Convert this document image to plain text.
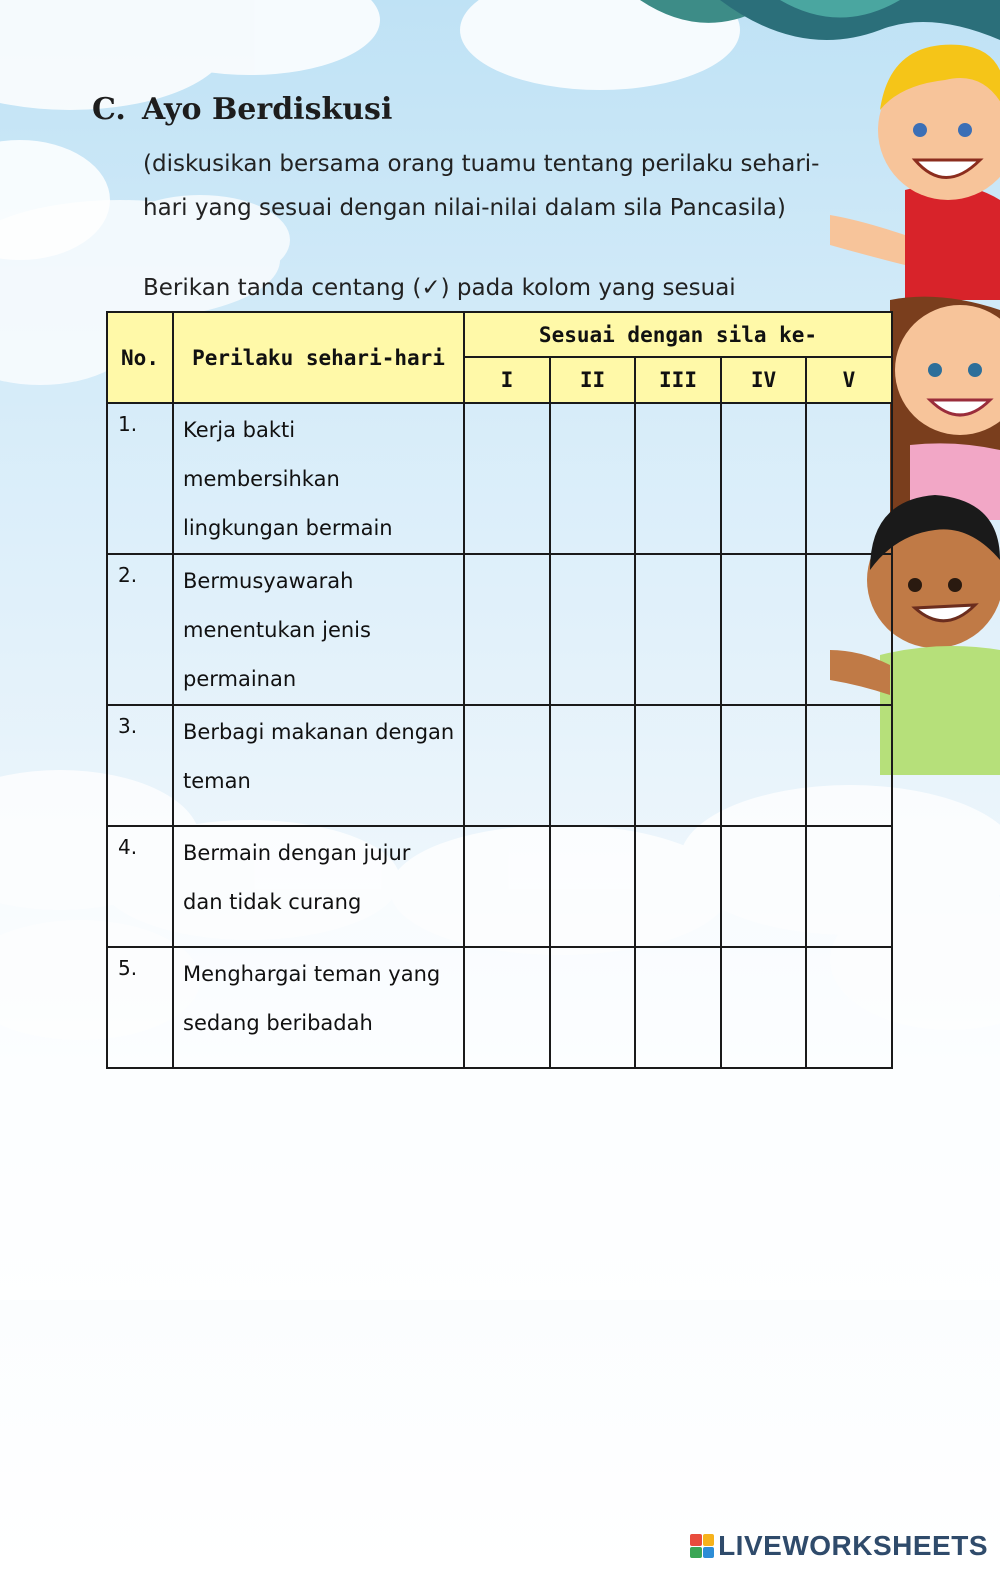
C. Ayo Berdiskusi
(diskusikan bersama orang tuamu tentang perilaku sehari-
hari yang sesuai dengan nilai-nilai dalam sila Pancasila)
Berikan tanda centang (✓) pada kolom yang sesuai
No.	Perilaku sehari-hari	Sesuai dengan sila ke-				
		I	II	III	IV	V
1.	Kerja bakti
membersihkan
lingkungan bermain					

2.	Bermusyawarah
menentukan jenis
permainan					

3.	Berbagi makanan dengan
teman					

4.	Bermain dengan jujur
dan tidak curang					

5.	Menghargai teman yang
sedang beribadah					

LIVEWORKSHEETS
